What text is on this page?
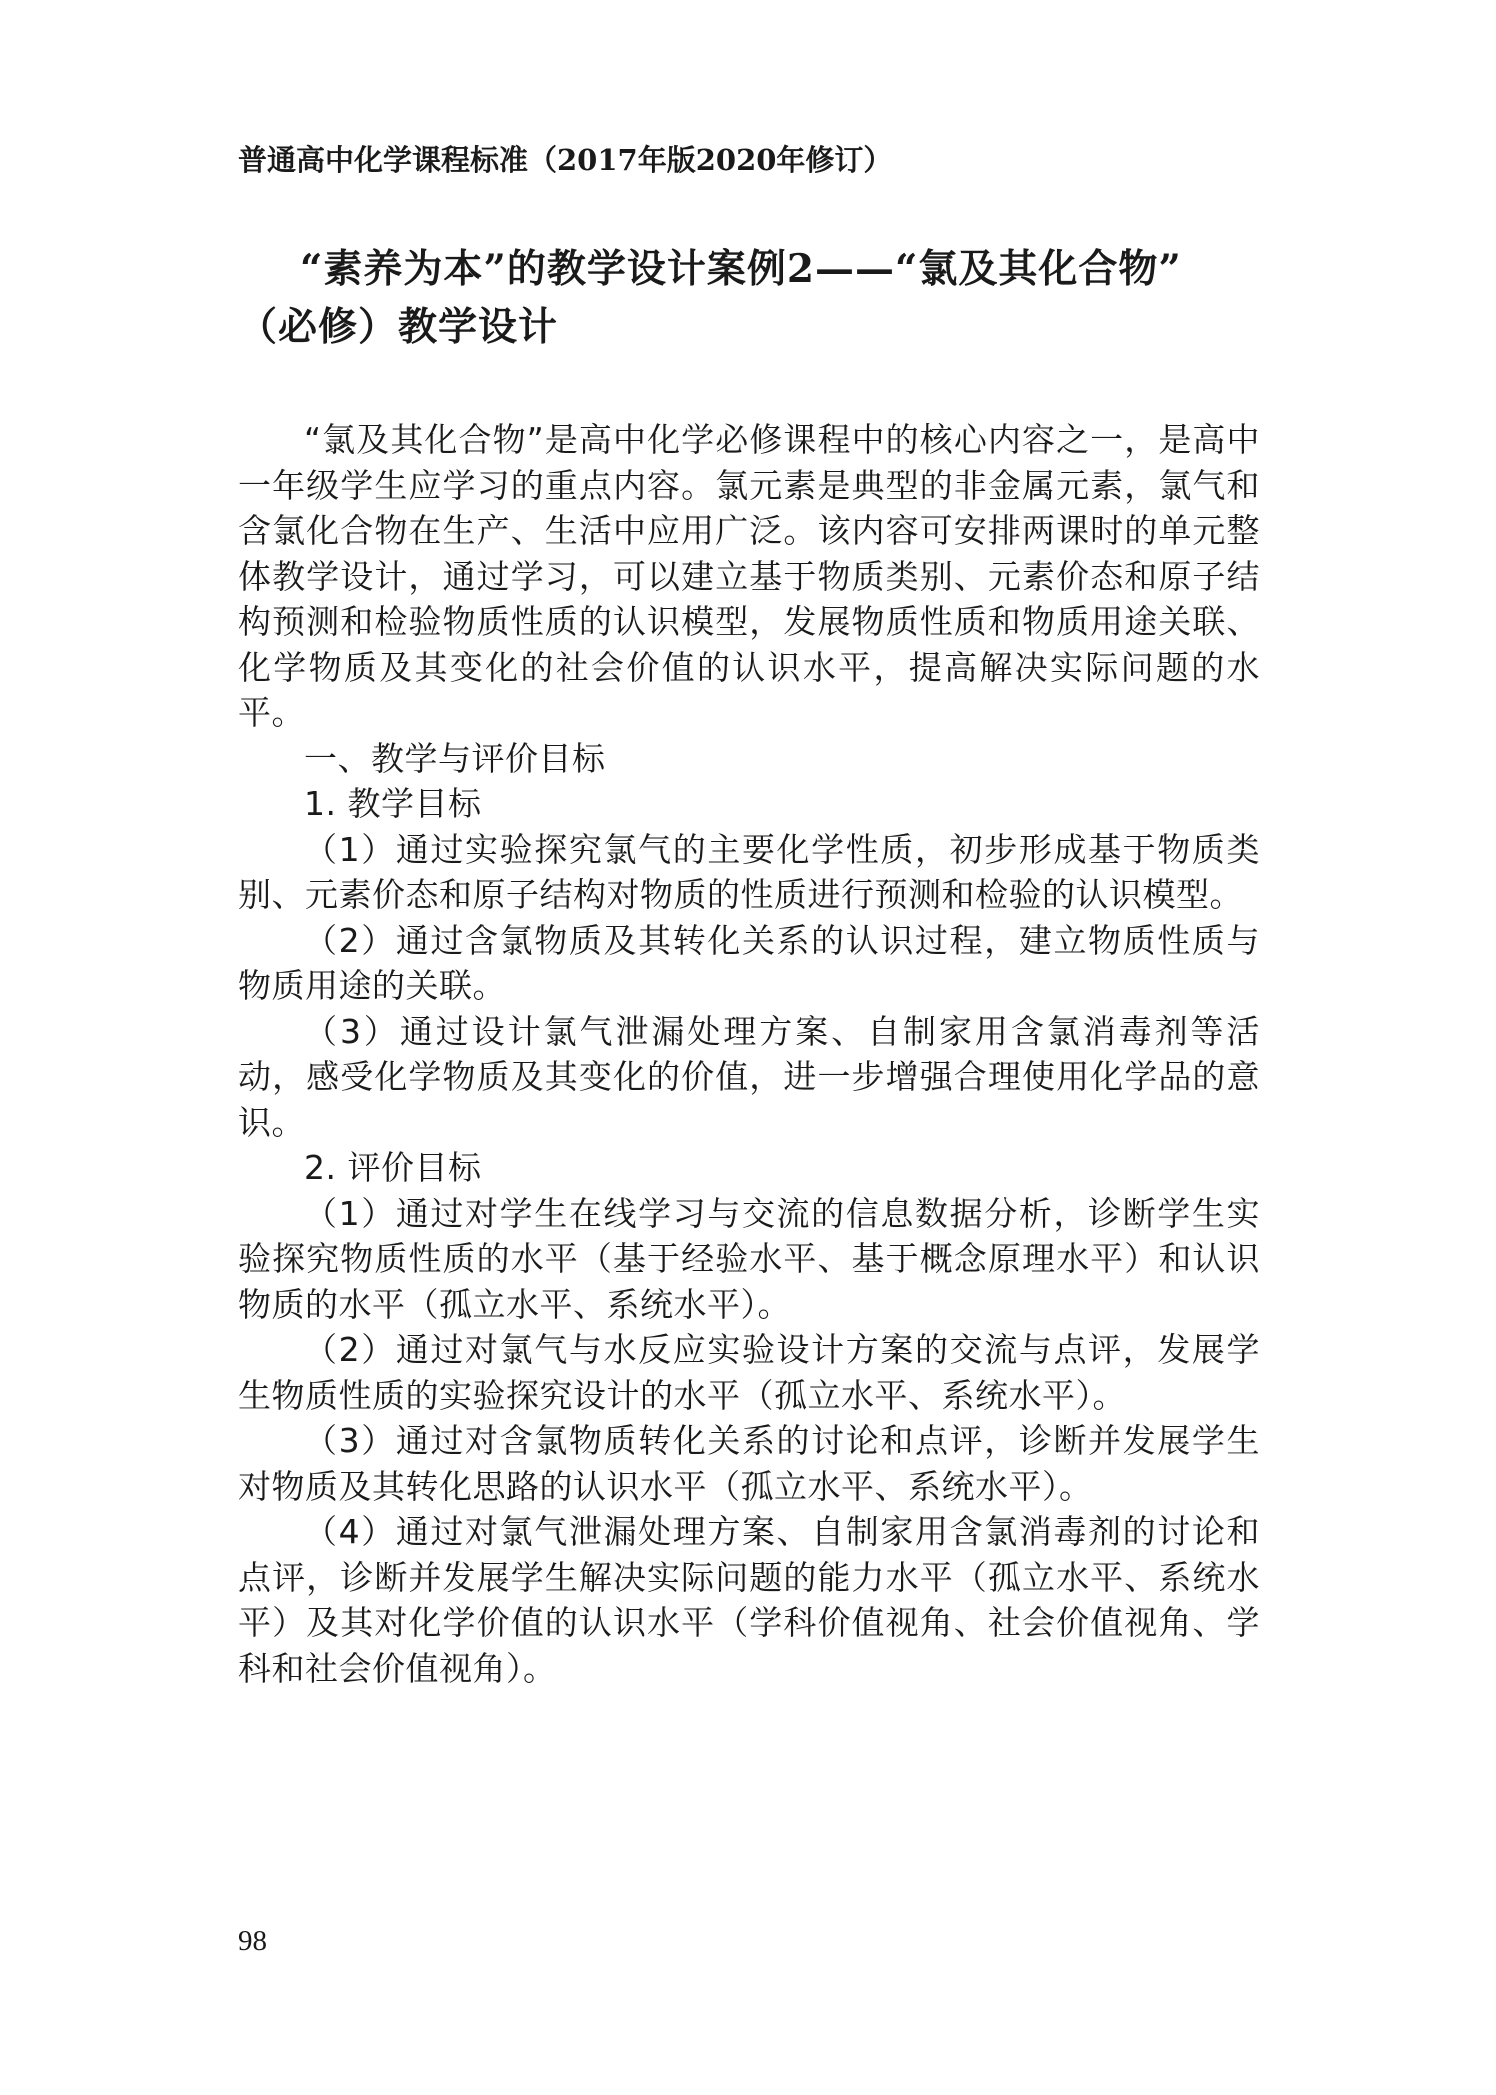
普通高中化学课程标准（2017年版2020年修订）
“素养为本”的教学设计案例2——“氯及其化合物”
（必修）教学设计

“氯及其化合物”是高中化学必修课程中的核心内容之一，是高中一年级学生应学习的重点内容。氯元素是典型的非金属元素，氯气和含氯化合物在生产、生活中应用广泛。该内容可安排两课时的单元整体教学设计，通过学习，可以建立基于物质类别、元素价态和原子结构预测和检验物质性质的认识模型，发展物质性质和物质用途关联、化学物质及其变化的社会价值的认识水平，提高解决实际问题的水平。

一、教学与评价目标

1. 教学目标

（1）通过实验探究氯气的主要化学性质，初步形成基于物质类别、元素价态和原子结构对物质的性质进行预测和检验的认识模型。

（2）通过含氯物质及其转化关系的认识过程，建立物质性质与物质用途的关联。

（3）通过设计氯气泄漏处理方案、自制家用含氯消毒剂等活动，感受化学物质及其变化的价值，进一步增强合理使用化学品的意识。

2. 评价目标

（1）通过对学生在线学习与交流的信息数据分析，诊断学生实验探究物质性质的水平（基于经验水平、基于概念原理水平）和认识物质的水平（孤立水平、系统水平）。

（2）通过对氯气与水反应实验设计方案的交流与点评，发展学生物质性质的实验探究设计的水平（孤立水平、系统水平）。

（3）通过对含氯物质转化关系的讨论和点评，诊断并发展学生对物质及其转化思路的认识水平（孤立水平、系统水平）。

（4）通过对氯气泄漏处理方案、自制家用含氯消毒剂的讨论和点评，诊断并发展学生解决实际问题的能力水平（孤立水平、系统水平）及其对化学价值的认识水平（学科价值视角、社会价值视角、学科和社会价值视角）。

98
